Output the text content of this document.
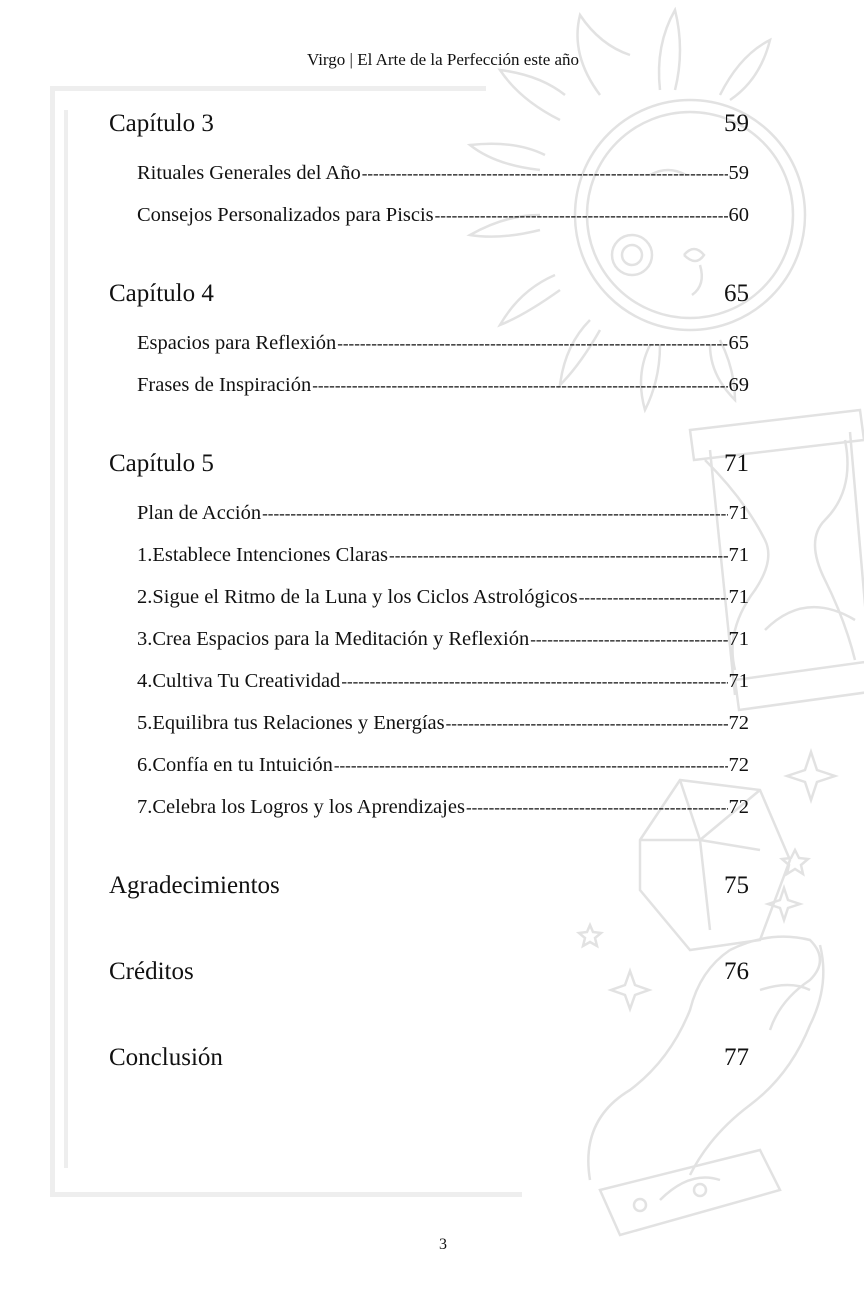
Virgo | El Arte de la Perfección este año
Capítulo 3	59
Rituales Generales del Año -----	59
Consejos Personalizados para Piscis -----	60
Capítulo 4	65
Espacios para Reflexión -----	65
Frases de Inspiración -----	69
Capítulo 5	71
Plan de Acción -----	71
1.Establece Intenciones Claras -----	71
2.Sigue el Ritmo de la Luna y los Ciclos Astrológicos -----	71
3.Crea Espacios para la Meditación y Reflexión -----	71
4.Cultiva Tu Creatividad -----	71
5.Equilibra tus Relaciones y Energías -----	72
6.Confía en tu Intuición -----	72
7.Celebra los Logros y los Aprendizajes -----	72
Agradecimientos	75
Créditos	76
Conclusión	77
3
